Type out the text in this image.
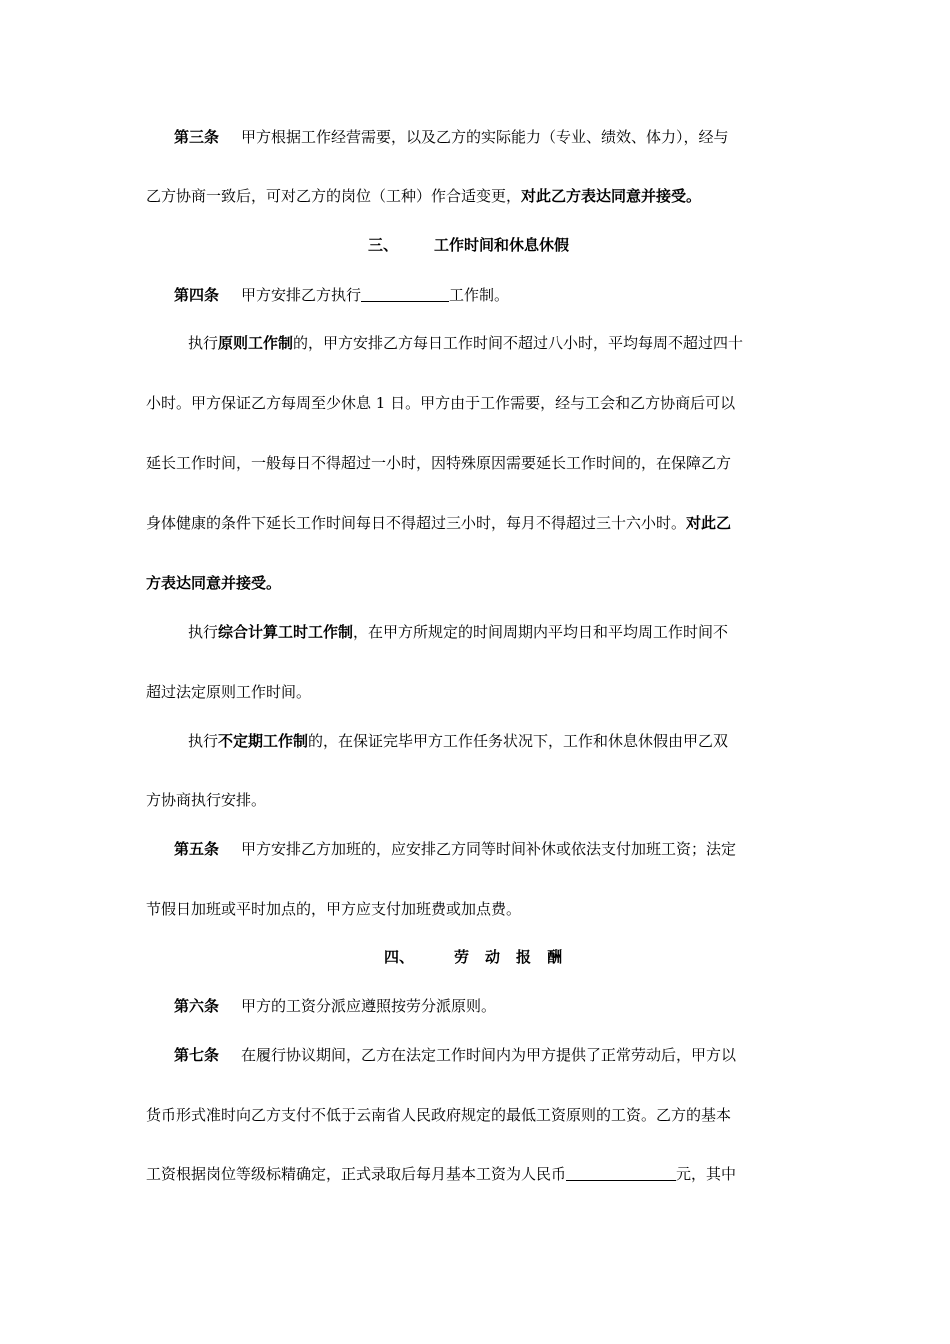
第三条 甲方根据工作经营需要，以及乙方的实际能力（专业、绩效、体力），经与
乙方协商一致后，可对乙方的岗位（工种）作合适变更，对此乙方表达同意并接受。
三、 工作时间和休息休假
第四条 甲方安排乙方执行	工作制。
执行原则工作制的，甲方安排乙方每日工作时间不超过八小时，平均每周不超过四十
小时。甲方保证乙方每周至少休息 1 日。甲方由于工作需要，经与工会和乙方协商后可以
延长工作时间，一般每日不得超过一小时，因特殊原因需要延长工作时间的，在保障乙方
身体健康的条件下延长工作时间每日不得超过三小时，每月不得超过三十六小时。对此乙
方表达同意并接受。
执行综合计算工时工作制，在甲方所规定的时间周期内平均日和平均周工作时间不
超过法定原则工作时间。
执行不定期工作制的，在保证完毕甲方工作任务状况下，工作和休息休假由甲乙双
方协商执行安排。
第五条 甲方安排乙方加班的，应安排乙方同等时间补休或依法支付加班工资；法定
节假日加班或平时加点的，甲方应支付加班费或加点费。
四、	劳 动 报 酬
第六条 甲方的工资分派应遵照按劳分派原则。
第七条 在履行协议期间，乙方在法定工作时间内为甲方提供了正常劳动后，甲方以
货币形式准时向乙方支付不低于云南省人民政府规定的最低工资原则的工资。乙方的基本
工资根据岗位等级标精确定，正式录取后每月基本工资为人民币	元，其中
